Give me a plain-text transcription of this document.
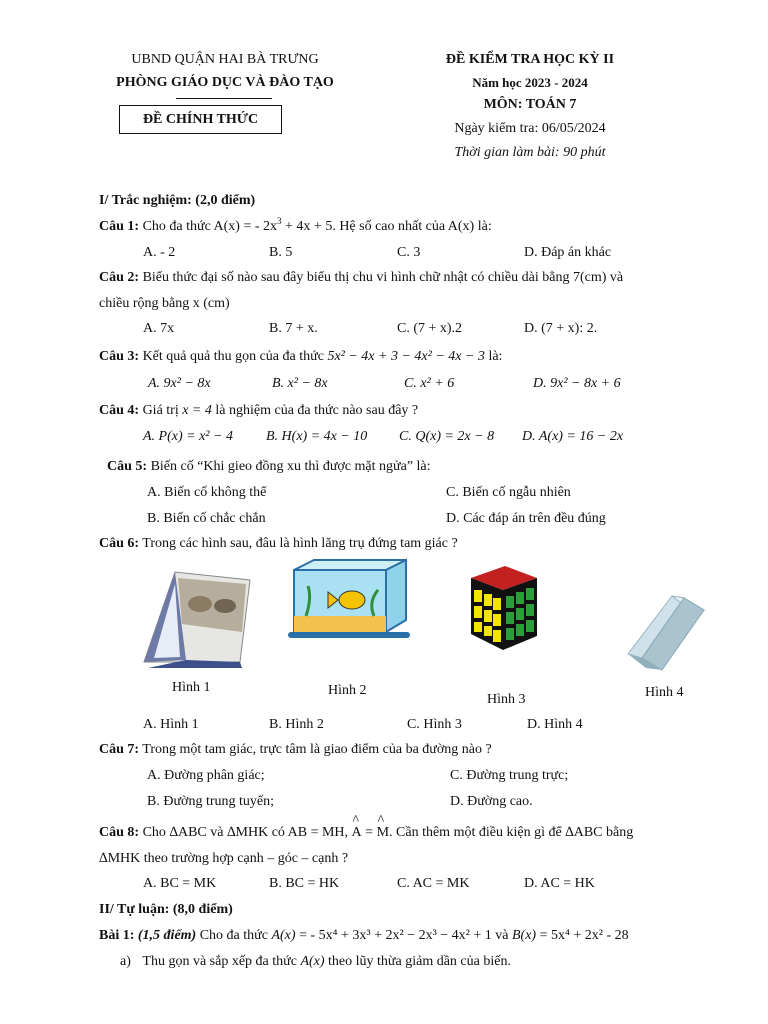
UBND QUẬN HAI BÀ TRƯNG
PHÒNG GIÁO DỤC VÀ ĐÀO TẠO
ĐỀ CHÍNH THỨC
ĐỀ KIỂM TRA HỌC KỲ II
Năm học 2023 - 2024
MÔN: TOÁN 7
Ngày kiểm tra: 06/05/2024
Thời gian làm bài: 90 phút
I/ Trắc nghiệm: (2,0 điểm)
Câu 1: Cho đa thức A(x) = - $2x^3 + 4x + 5$. Hệ số cao nhất của A(x) là:
A. - 2	B. 5	C. 3	D. Đáp án khác
Câu 2: Biểu thức đại số nào sau đây biểu thị chu vi hình chữ nhật có chiều dài bằng 7(cm) và
chiều rộng bằng x (cm)
A. 7x	B. 7 + x.	C. (7 + x).2	D. (7 + x): 2.
Câu 3: Kết quả quả thu gọn của đa thức 5x² − 4x + 3 − 4x² − 4x − 3 là:
A. 9x² − 8x	B. x² − 8x	C. x² + 6	D. 9x² − 8x + 6
Câu 4: Giá trị x = 4 là nghiệm của đa thức nào sau đây ?
A. P(x) = x² − 4 B. H(x) = 4x − 10 C. Q(x) = 2x − 8 D. A(x) = 16 − 2x
Câu 5: Biến cố “Khi gieo đồng xu thì được mặt ngửa” là:
A. Biến cố không thể	C. Biến cố ngẫu nhiên
B. Biến cố chắc chắn	D. Các đáp án trên đều đúng
Câu 6: Trong các hình sau, đâu là hình lăng trụ đứng tam giác ?
Hình 1	Hình 2
Hình 3	Hình 4
A. Hình 1	B. Hình 2	C. Hình 3	D. Hình 4
Câu 7: Trong một tam giác, trực tâm là giao điểm của ba đường nào ?
A. Đường phân giác;	C. Đường trung trực;
B. Đường trung tuyến;	D. Đường cao.
Câu 8: Cho ∆ABC và ∆MHK có AB = MH, ^ A = ^ M. Cần thêm một điều kiện gì để ∆ABC bằng
∆MHK theo trường hợp cạnh – góc – cạnh ?
A. BC = MK	B. BC = HK	C. AC = MK	D. AC = HK
II/ Tự luận: (8,0 điểm)
Bài 1: (1,5 điểm) Cho đa thức A(x) = - 5x⁴ + 3x³ + 2x² − 2x³ − 4x² + 1 và B(x) = 5x⁴ + 2x² - 28
a) Thu gọn và sắp xếp đa thức A(x) theo lũy thừa giảm dần của biến.
